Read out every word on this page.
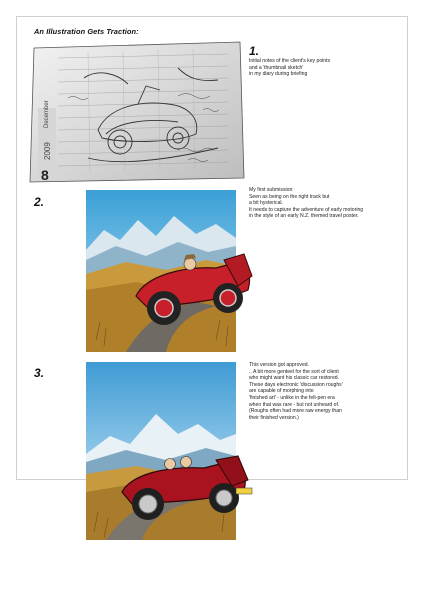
An Illustration Gets Traction:
1.
Initial notes of the client's key points
and a 'thumbnail sketch'
in my diary during briefing
December
2009
8
2.
My first submission:
Seen as being on the right track but
a bit hysterical.
It needs to capture the adventure of early motoring
in the style of an early N.Z. themed travel poster.
3.
This version got approved.
.. A bit more genteel for the sort of client
who might want his classic car restored.
These days electronic 'discussion roughs'
are capable of morphing into
'finished art' - unlike in the felt-pen era
when that was rare - but not unheard of.
(Roughs often had more raw energy than
their finished version.)
